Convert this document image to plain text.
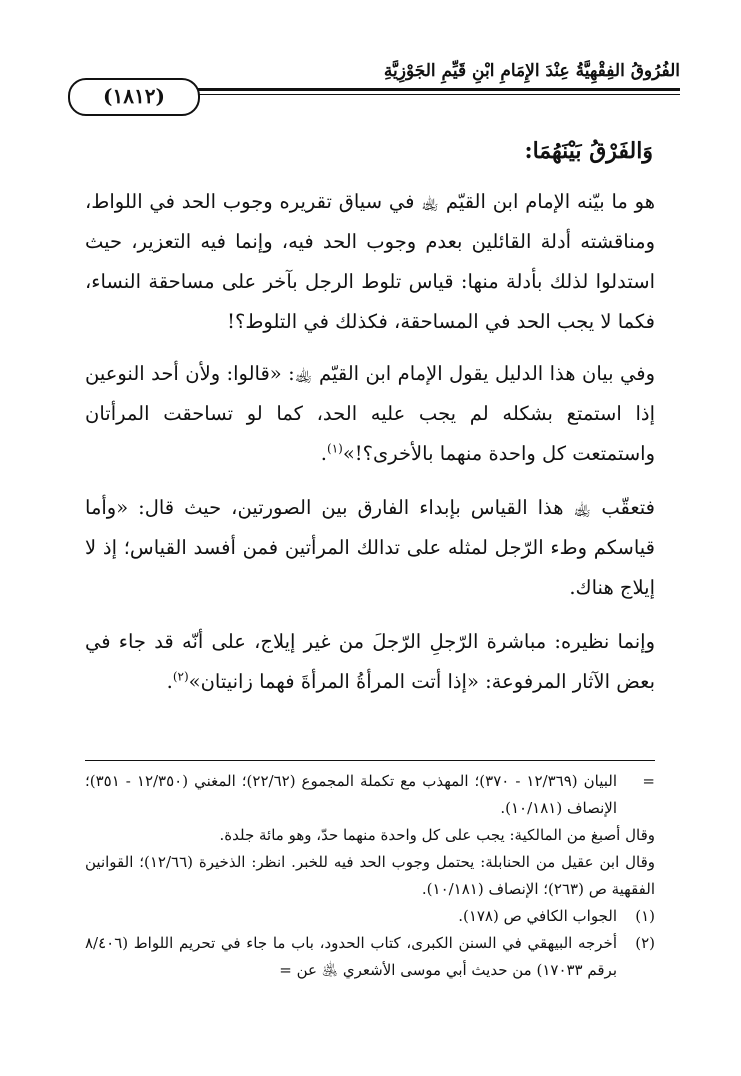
الفُرُوقُ الفِقْهِيَّةُ عِنْدَ الإِمَامِ ابْنِ قَيِّمِ الجَوْزِيَّةِ
(١٨١٢)
وَالفَرْقُ بَيْنَهُمَا:

هو ما بيّنه الإمام ابن القيّم ﵀ في سياق تقريره وجوب الحد في اللواط، ومناقشته أدلة القائلين بعدم وجوب الحد فيه، وإنما فيه التعزير، حيث استدلوا لذلك بأدلة منها: قياس تلوط الرجل بآخر على مساحقة النساء، فكما لا يجب الحد في المساحقة، فكذلك في التلوط؟!

وفي بيان هذا الدليل يقول الإمام ابن القيّم ﵀: «قالوا: ولأن أحد النوعين إذا استمتع بشكله لم يجب عليه الحد، كما لو تساحقت المرأتان واستمتعت كل واحدة منهما بالأخرى؟!»$^{(١)}$.

فتعقّب ﵀ هذا القياس بإبداء الفارق بين الصورتين، حيث قال: «وأما قياسكم وطء الرّجل لمثله على تدالك المرأتين فمن أفسد القياس؛ إذ لا إيلاج هناك.

وإنما نظيره: مباشرة الرّجلِ الرّجلَ من غير إيلاج، على أنّه قد جاء في بعض الآثار المرفوعة: «إذا أتت المرأةُ المرأةَ فهما زانيتان»$^{(٢)}$.

=
البيان (١٢/٣٦٩ - ٣٧٠)؛ المهذب مع تكملة المجموع (٢٢/٦٢)؛ المغني (١٢/٣٥٠ - ٣٥١)؛ الإنصاف (١٠/١٨١).

وقال أصبغ من المالكية: يجب على كل واحدة منهما حدّ، وهو مائة جلدة.

وقال ابن عقيل من الحنابلة: يحتمل وجوب الحد فيه للخبر. انظر: الذخيرة (١٢/٦٦)؛ القوانين الفقهية ص (٢٦٣)؛ الإنصاف (١٠/١٨١).

(١)
الجواب الكافي ص (١٧٨).

(٢)
أخرجه البيهقي في السنن الكبرى، كتاب الحدود، باب ما جاء في تحريم اللواط (٨/٤٠٦ برقم ١٧٠٣٣) من حديث أبي موسى الأشعري ﵁ عن =
